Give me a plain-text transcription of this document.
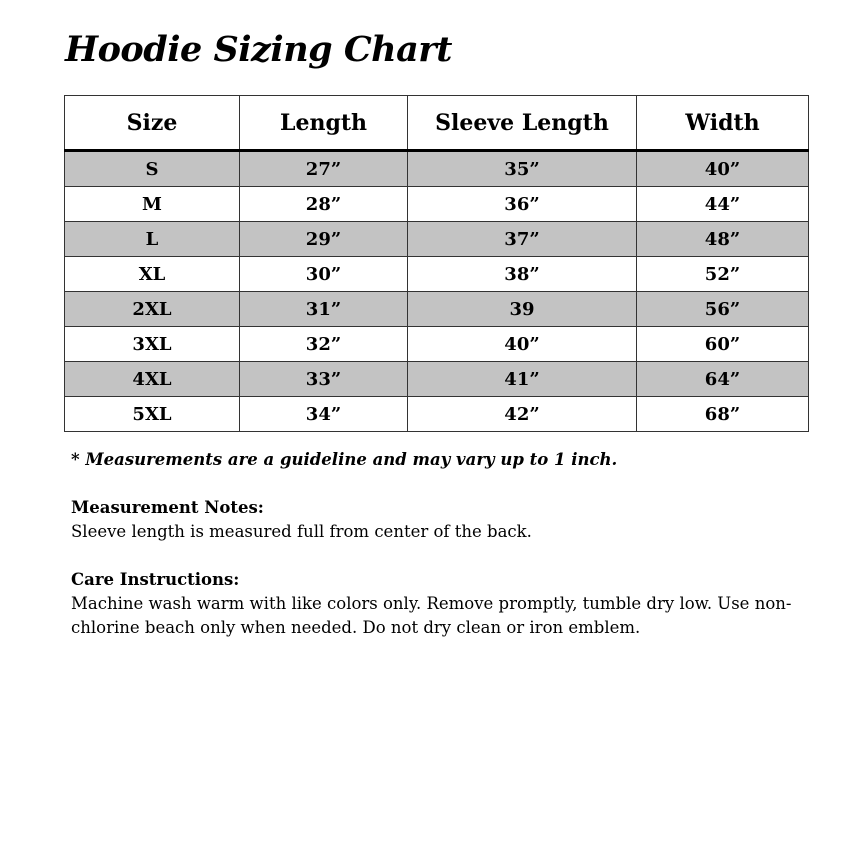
Hoodie Sizing Chart
Size	Length	Sleeve Length	Width
S	27”	35”	40”
M	28”	36”	44”
L	29”	37”	48”
XL	30”	38”	52”
2XL	31”	39	56”
3XL	32”	40”	60”
4XL	33”	41”	64”
5XL	34”	42”	68”

* Measurements are a guideline and may vary up to 1 inch.

Measurement Notes:

Sleeve length is measured full from center of the back.

Care Instructions:

Machine wash warm with like colors only. Remove promptly, tumble dry low. Use non-chlorine beach only when needed. Do not dry clean or iron emblem.
